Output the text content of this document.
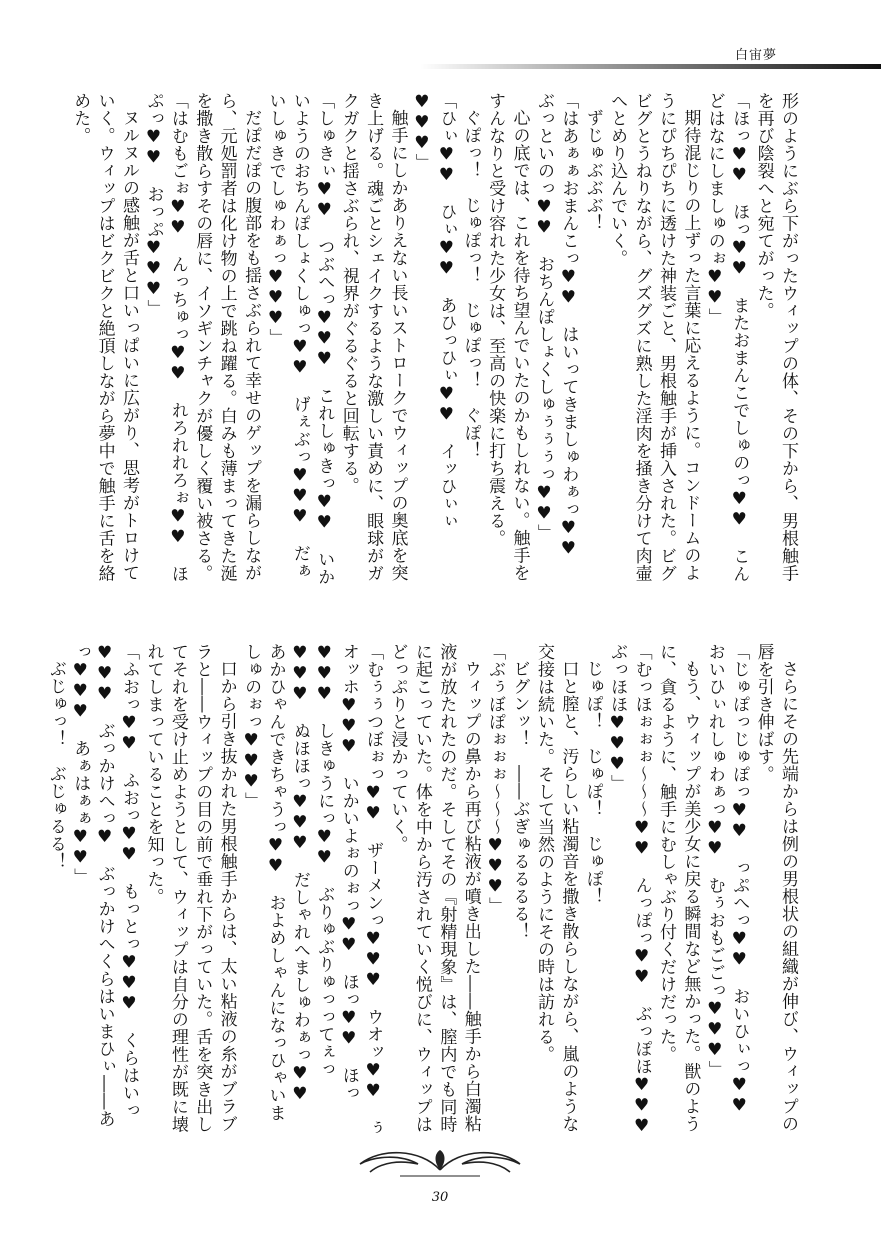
白宙夢

形のようにぶら下がったウィップの体、その下から、男根触手を再び陰裂へと宛てがった。

「ほっ♥♥　ほっ♥♥　またおまんこでしゅのっ♥♥　こんどはなにしましゅのぉ♥♥」

期待混じりの上ずった言葉に応えるように。コンドームのようにぴちぴちに透けた神装ごと、男根触手が挿入された。ビグビグとうねりながら、グズグズに熟した淫肉を掻き分けて肉壷へとめり込んでいく。

ずじゅぶぶぶ！

「はあぁぁおまんこっ♥♥　はいってきましゅわぁっ♥♥　ぶっといのっ♥♥　おちんぽしょくしゅぅぅぅっ♥♥」

心の底では、これを待ち望んでいたのかもしれない。触手をすんなりと受け容れた少女は、至高の快楽に打ち震える。

ぐぽっ！　じゅぽっ！　じゅぽっ！　ぐぽ！

「ひぃ♥♥　ひぃ♥♥　あひっひぃ♥♥　イッひぃぃ♥♥♥」

触手にしかありえない長いストロークでウィップの奥底を突き上げる。魂ごとシェイクするような激しい責めに、眼球がガクガクと揺さぶられ、視界がぐるぐると回転する。

「しゅきぃ♥♥　つぶへっ♥♥♥　これしゅきっ♥♥　いかいようのおちんぽしょくしゅっ♥♥　げぇぶっ♥♥♥　だぁいしゅきでしゅわぁっ♥♥♥」

だぽだぽの腹部をも揺さぶられて幸せのゲップを漏らしながら、元処罰者は化け物の上で跳ね躍る。白みも薄まってきた涎を撒き散らすその唇に、イソギンチャクが優しく覆い被さる。

「はむもごぉ♥♥　んっちゅっ♥♥　れろれれろぉ♥♥　ほぷっ♥♥　おっぷ♥♥♥」

ヌルヌルの感触が舌と口いっぱいに広がり、思考がトロけていく。ウィップはビクビクと絶頂しながら夢中で触手に舌を絡めた。

さらにその先端からは例の男根状の組織が伸び、ウィップの唇を引き伸ばす。

「じゅぽっじゅぽっ♥♥　っぷへっ♥♥　おいひぃっ♥♥　おいひぃれしゅわぁっ♥♥　むぅおもごごっ♥♥♥」

もう、ウィップが美少女に戻る瞬間など無かった。獣のように、貪るように、触手にむしゃぶり付くだけだった。

「むっほぉぉぉ～～～♥♥　んっぽっ♥♥　ぶっぽほ♥♥♥　ぶっほほ♥♥♥」

じゅぽ！　じゅぽ！　じゅぽ！

口と膣と、汚らしい粘濁音を撒き散らしながら、嵐のような交接は続いた。そして当然のようにその時は訪れる。

ビグンッ！　――ぶぎゅるるるる！

「ぶぅぼぽぉぉぉ～～～♥♥♥」

ウィップの鼻から再び粘液が噴き出した――触手から白濁粘液が放たれたのだ。そしてその『射精現象』は、膣内でも同時に起こっていた。体を中から汚されていく悦びに、ウィップはどっぷりと浸かっていく。

「むぅぅつぼぉっ♥♥　ザーメンっ♥♥♥　ウオッ♥♥　ぅオッホ♥♥♥　いかいよぉのぉっ♥♥　ほっ♥♥　ほっ♥♥♥　しきゅうにっ♥♥　ぶりゅぶりゅっってぇっ♥♥♥　ぬほほっ♥♥♥　だしゃれへましゅわぁっ♥♥　あかひゃんできちゃうっ♥♥　およめしゃんになっひゃいましゅのぉっ♥♥♥」

口から引き抜かれた男根触手からは、太い粘液の糸がブラブラと――ウィップの目の前で垂れ下がっていた。舌を突き出してそれを受け止めようとして、ウィップは自分の理性が既に壊れてしまっていることを知った。

「ふおっ♥♥　ふおっ♥♥　もっとっ♥♥♥　くらはいっ♥♥♥　ぶっかけへっ♥　ぶっかけへくらはいまひぃ――あっ♥♥♥　あぁはぁぁ♥♥」

ぶじゅっ！　ぶじゅるる！

30
